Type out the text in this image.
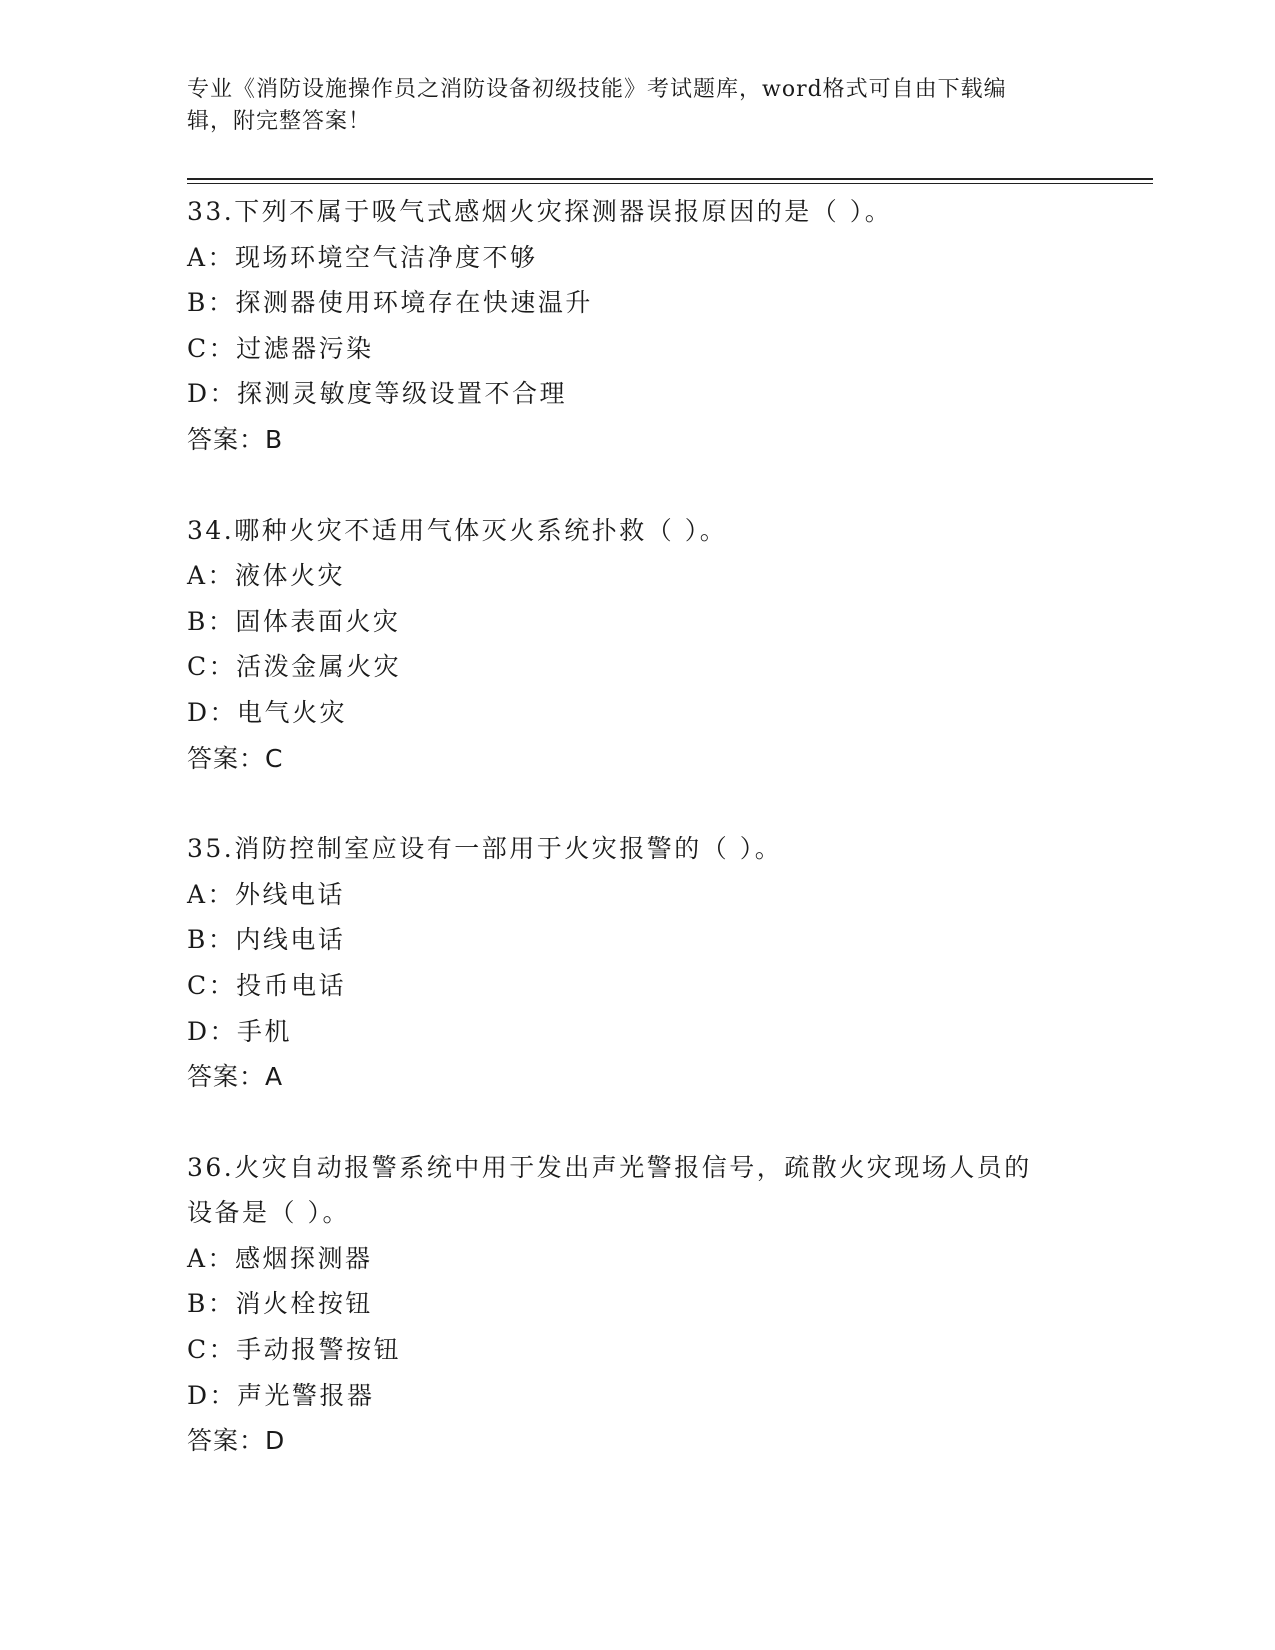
专业《消防设施操作员之消防设备初级技能》考试题库，word格式可自由下载编
辑，附完整答案！
33.下列不属于吸气式感烟火灾探测器误报原因的是（ ）。
A：现场环境空气洁净度不够
B：探测器使用环境存在快速温升
C：过滤器污染
D：探测灵敏度等级设置不合理
答案：B
34.哪种火灾不适用气体灭火系统扑救（ ）。
A：液体火灾
B：固体表面火灾
C：活泼金属火灾
D：电气火灾
答案：C
35.消防控制室应设有一部用于火灾报警的（ ）。
A：外线电话
B：内线电话
C：投币电话
D：手机
答案：A
36.火灾自动报警系统中用于发出声光警报信号，疏散火灾现场人员的
设备是（ ）。
A：感烟探测器
B：消火栓按钮
C：手动报警按钮
D：声光警报器
答案：D
